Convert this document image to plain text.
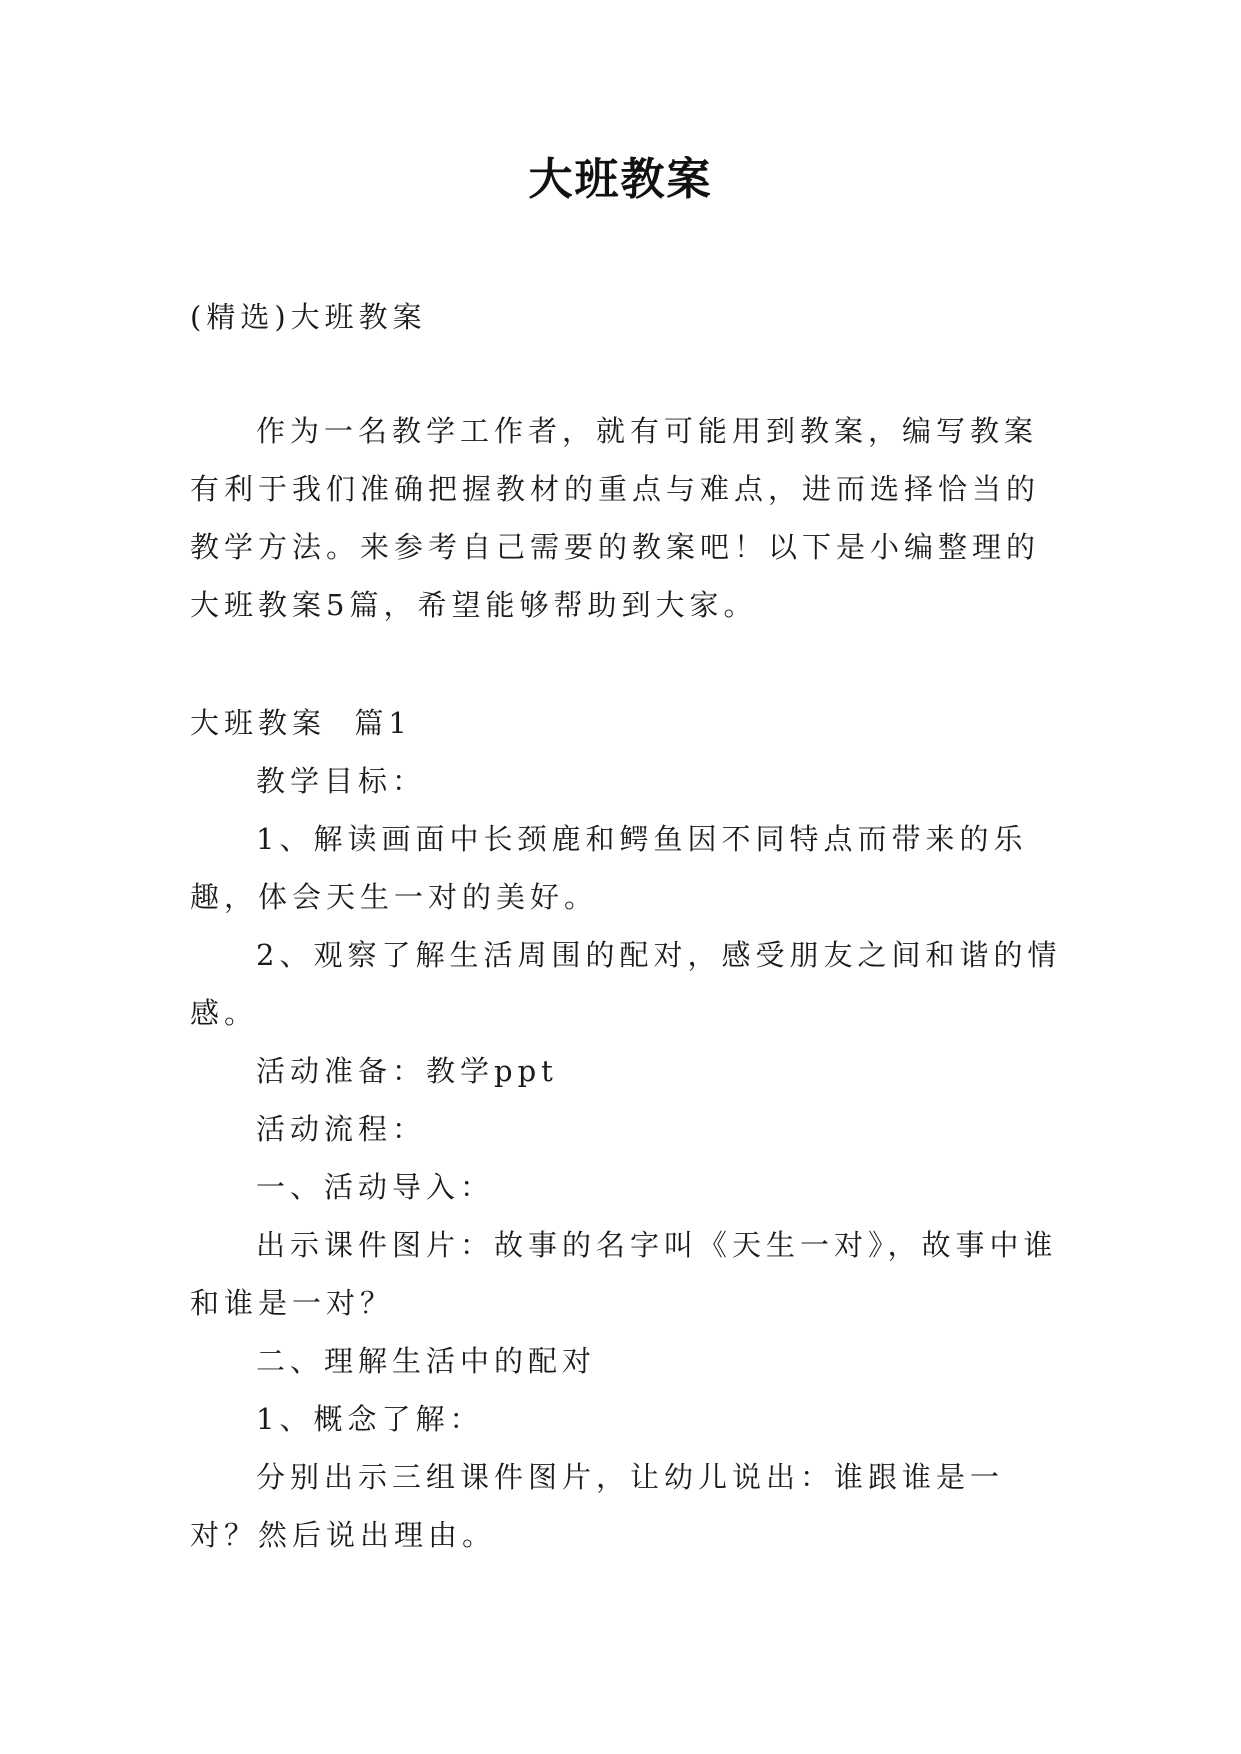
大班教案
(精选)大班教案

作为一名教学工作者，就有可能用到教案，编写教案有利于我们准确把握教材的重点与难点，进而选择恰当的教学方法。来参考自己需要的教案吧！以下是小编整理的大班教案5篇，希望能够帮助到大家。

大班教案  篇1

教学目标：

1、解读画面中长颈鹿和鳄鱼因不同特点而带来的乐趣，体会天生一对的美好。

2、观察了解生活周围的配对，感受朋友之间和谐的情感。

活动准备：教学ppt

活动流程：

一、活动导入：

出示课件图片：故事的名字叫《天生一对》，故事中谁和谁是一对？

二、理解生活中的配对

1、概念了解：

分别出示三组课件图片，让幼儿说出：谁跟谁是一对？然后说出理由。
